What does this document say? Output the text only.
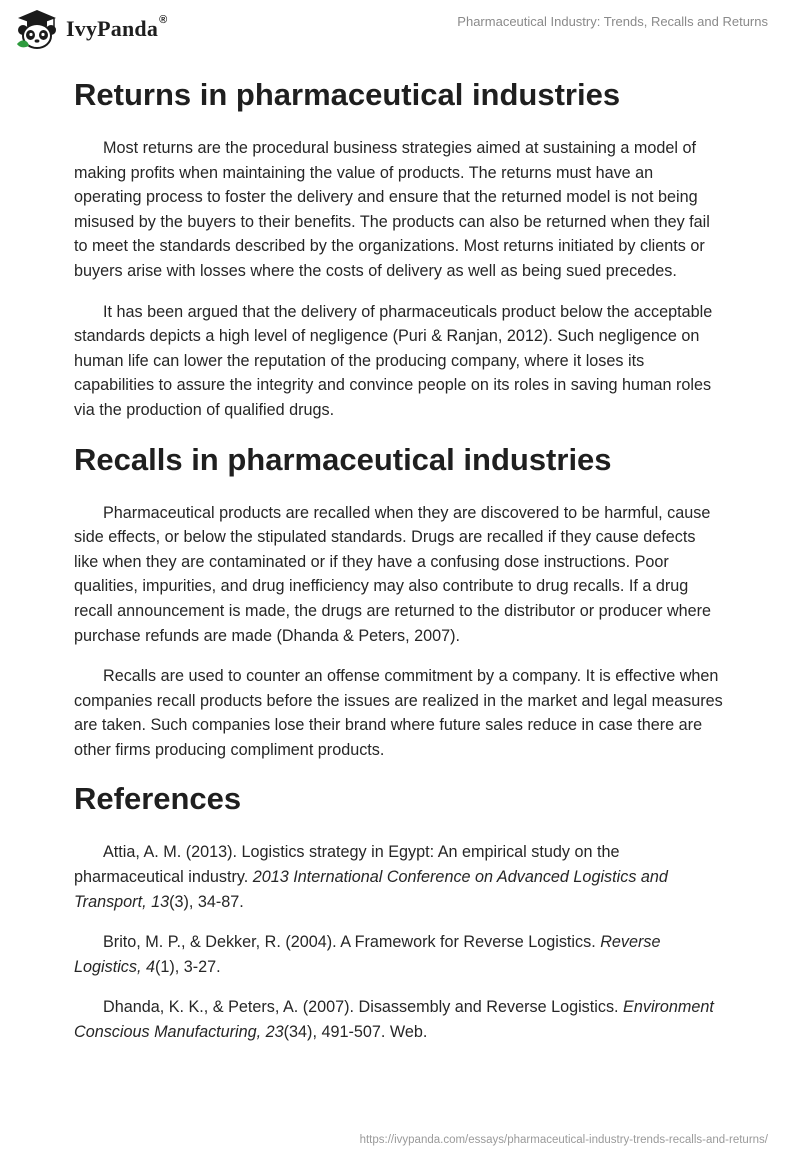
IvyPanda®	Pharmaceutical Industry: Trends, Recalls and Returns
Returns in pharmaceutical industries

Most returns are the procedural business strategies aimed at sustaining a model of making profits when maintaining the value of products. The returns must have an operating process to foster the delivery and ensure that the returned model is not being misused by the buyers to their benefits. The products can also be returned when they fail to meet the standards described by the organizations. Most returns initiated by clients or buyers arise with losses where the costs of delivery as well as being sued precedes.

It has been argued that the delivery of pharmaceuticals product below the acceptable standards depicts a high level of negligence (Puri & Ranjan, 2012). Such negligence on human life can lower the reputation of the producing company, where it loses its capabilities to assure the integrity and convince people on its roles in saving human roles via the production of qualified drugs.

Recalls in pharmaceutical industries

Pharmaceutical products are recalled when they are discovered to be harmful, cause side effects, or below the stipulated standards. Drugs are recalled if they cause defects like when they are contaminated or if they have a confusing dose instructions. Poor qualities, impurities, and drug inefficiency may also contribute to drug recalls. If a drug recall announcement is made, the drugs are returned to the distributor or producer where purchase refunds are made (Dhanda & Peters, 2007).

Recalls are used to counter an offense commitment by a company. It is effective when companies recall products before the issues are realized in the market and legal measures are taken. Such companies lose their brand where future sales reduce in case there are other firms producing compliment products.

References

Attia, A. M. (2013). Logistics strategy in Egypt: An empirical study on the pharmaceutical industry. 2013 International Conference on Advanced Logistics and Transport, 13(3), 34-87.

Brito, M. P., & Dekker, R. (2004). A Framework for Reverse Logistics. Reverse Logistics, 4(1), 3-27.

Dhanda, K. K., & Peters, A. (2007). Disassembly and Reverse Logistics. Environment Conscious Manufacturing, 23(34), 491-507. Web.

https://ivypanda.com/essays/pharmaceutical-industry-trends-recalls-and-returns/
